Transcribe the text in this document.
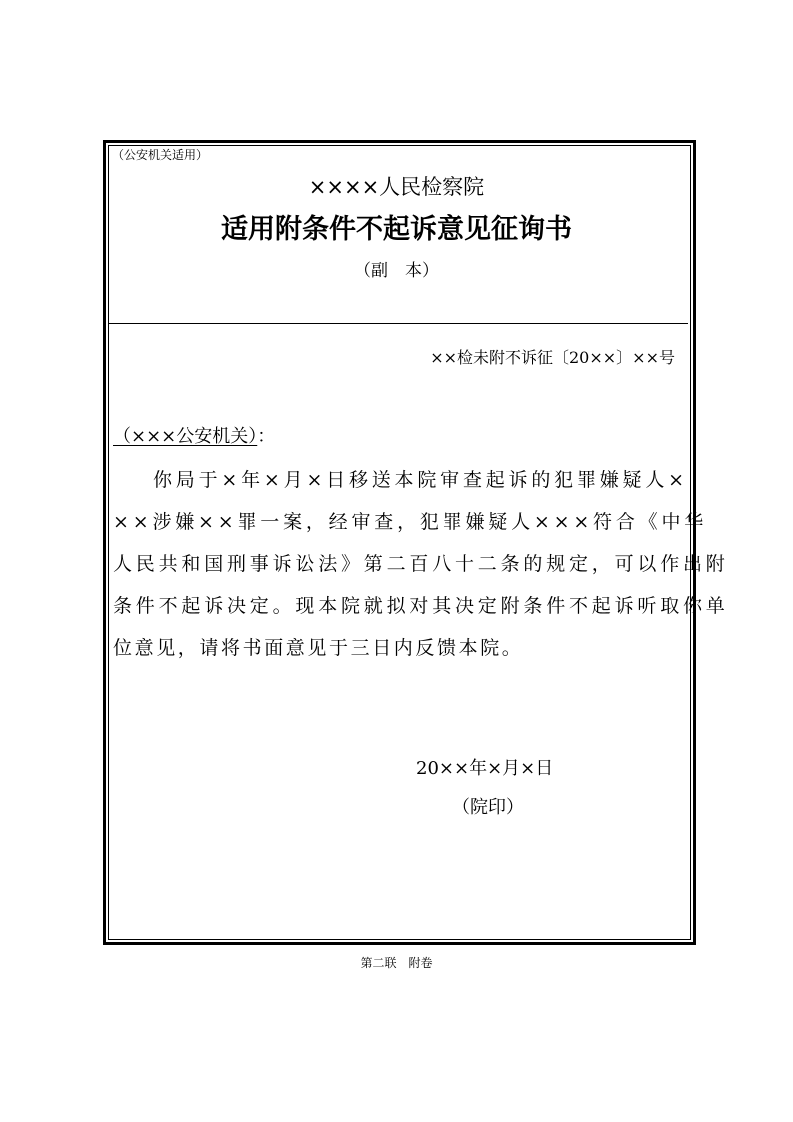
（公安机关适用）
××××人民检察院
适用附条件不起诉意见征询书
（副　本）
××检未附不诉征〔20××〕××号
（×××公安机关）：
你局于×年×月×日移送本院审查起诉的犯罪嫌疑人×
××涉嫌××罪一案，经审查，犯罪嫌疑人×××符合《中华
人民共和国刑事诉讼法》第二百八十二条的规定，可以作出附
条件不起诉决定。现本院就拟对其决定附条件不起诉听取你单
位意见，请将书面意见于三日内反馈本院。
20××年×月×日
（院印）
第二联　附卷
